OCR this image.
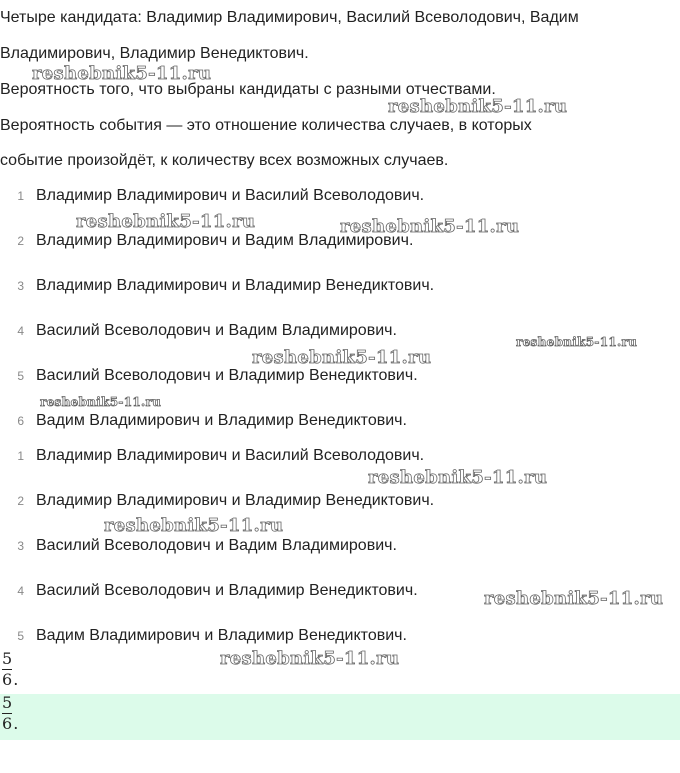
Четыре кандидата: Владимир Владимирович, Василий Всеволодович, Вадим

Владимирович, Владимир Венедиктович.

Вероятность того, что выбраны кандидаты с разными отчествами.

Вероятность события — это отношение количества случаев, в которых

событие произойдёт, к количеству всех возможных случаев.

1 Владимир Владимирович и Василий Всеволодович.
2 Владимир Владимирович и Вадим Владимирович.
3 Владимир Владимирович и Владимир Венедиктович.
4 Василий Всеволодович и Вадим Владимирович.
5 Василий Всеволодович и Владимир Венедиктович.
6 Вадим Владимирович и Владимир Венедиктович.
1 Владимир Владимирович и Василий Всеволодович.
2 Владимир Владимирович и Владимир Венедиктович.
3 Василий Всеволодович и Вадим Владимирович.
4 Василий Всеволодович и Владимир Венедиктович.
5 Вадим Владимирович и Владимир Венедиктович.
5
6 .
5
6 .
reshebnik5-11.ru
reshebnik5-11.ru
reshebnik5-11.ru	reshebnik5-11.ru
reshebnik5-11.ru
reshebnik5-11.ru
reshebnik5-11.ru
reshebnik5-11.ru
reshebnik5-11.ru
reshebnik5-11.ru
reshebnik5-11.ru
